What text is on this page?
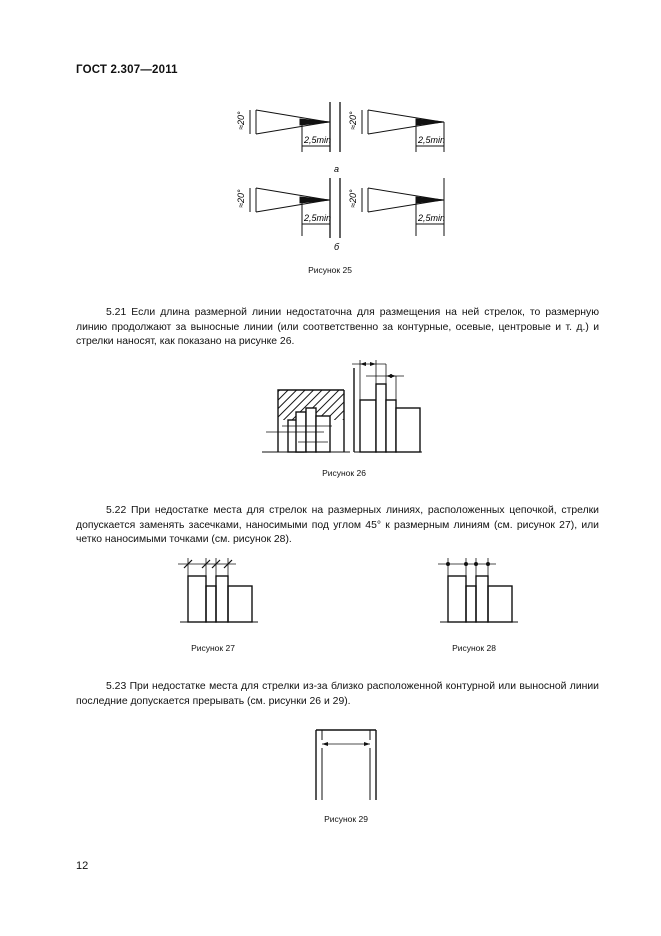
ГОСТ 2.307—2011
≈20°
2,5min
≈20°
2,5min
а
≈20°
2,5min
≈20°
2,5min
б
Рисунок 25
5.21 Если длина размерной линии недостаточна для размещения на ней стрелок, то размерную линию продолжают за выносные линии (или соответственно за контурные, осевые, центровые и т. д.) и стрелки наносят, как показано на рисунке 26.
Рисунок 26
5.22 При недостатке места для стрелок на размерных линиях, расположенных цепочкой, стрелки допускается заменять засечками, наносимыми под углом 45° к размерным линиям (см. рисунок 27), или четко наносимыми точками (см. рисунок 28).
Рисунок 27	Рисунок 28
5.23 При недостатке места для стрелки из-за близко расположенной контурной или выносной линии последние допускается прерывать (см. рисунки 26 и 29).
Рисунок 29
12
